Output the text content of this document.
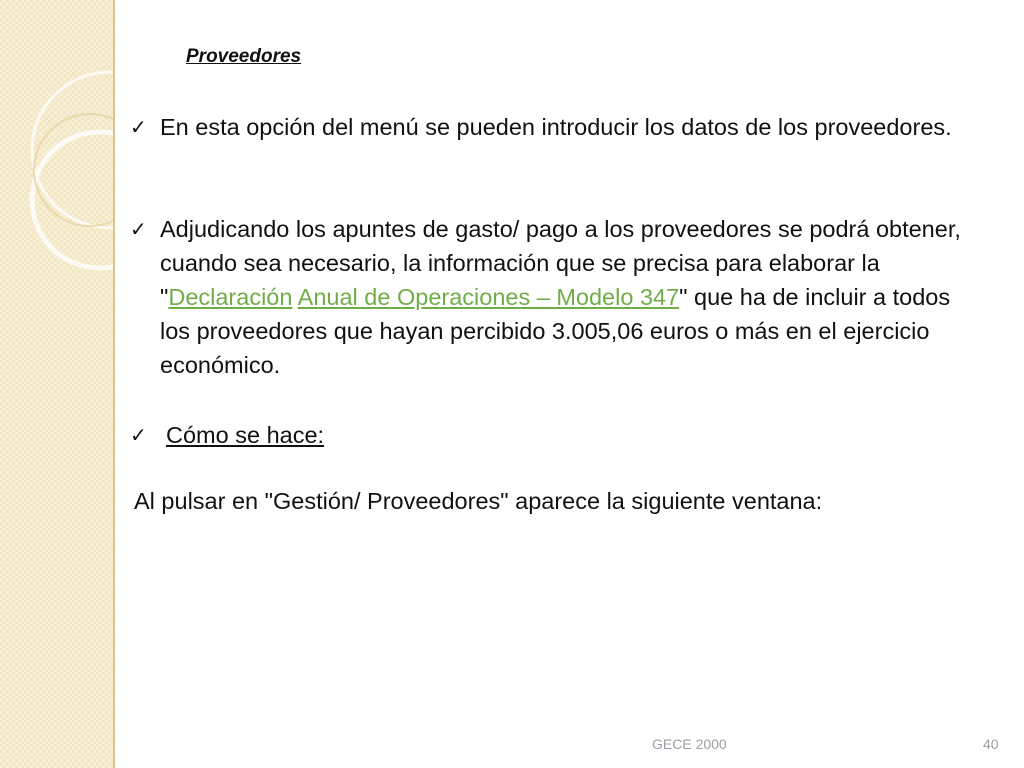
Proveedores
✓ En esta opción del menú se pueden introducir los datos de los proveedores.
✓ Adjudicando los apuntes de gasto/ pago a los proveedores se podrá obtener, cuando sea necesario, la información que se precisa para elaborar la "Declaración Anual de Operaciones – Modelo 347" que ha de incluir a todos los proveedores que hayan percibido 3.005,06 euros o más en el ejercicio económico.
✓ Cómo se hace:
Al pulsar en "Gestión/ Proveedores" aparece la siguiente ventana:
GECE 2000	40
